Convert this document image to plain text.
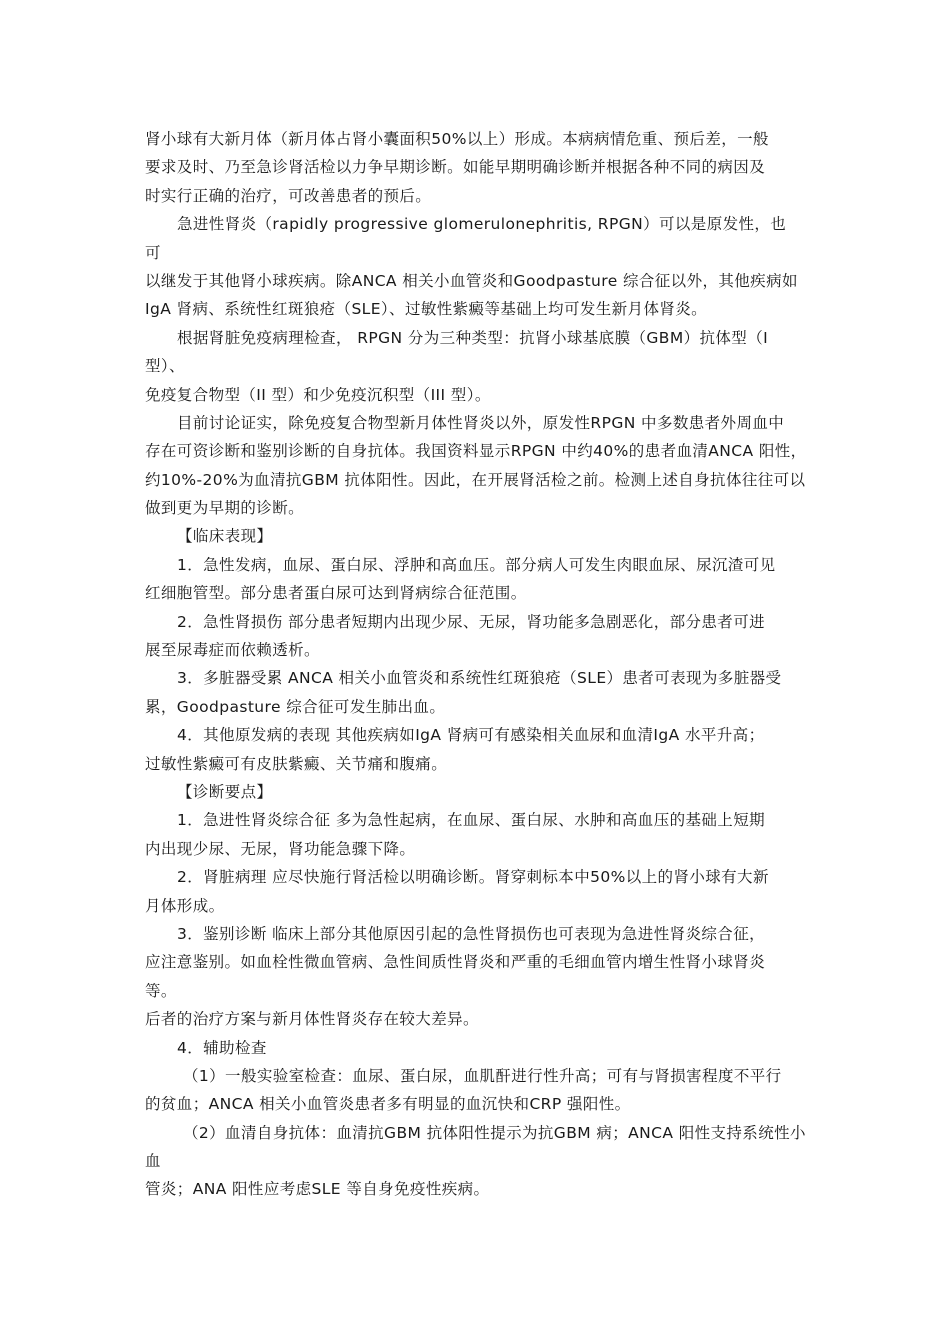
肾小球有大新月体（新月体占肾小囊面积50%以上）形成。本病病情危重、预后差，一般
要求及时、乃至急诊肾活检以力争早期诊断。如能早期明确诊断并根据各种不同的病因及
时实行正确的治疗，可改善患者的预后。
急进性肾炎（rapidly progressive glomerulonephritis, RPGN）可以是原发性，也
可
以继发于其他肾小球疾病。除ANCA 相关小血管炎和Goodpasture 综合征以外，其他疾病如
IgA 肾病、系统性红斑狼疮（SLE）、过敏性紫癜等基础上均可发生新月体肾炎。
根据肾脏免疫病理检查， RPGN 分为三种类型：抗肾小球基底膜（GBM）抗体型（I
型）、
免疫复合物型（II 型）和少免疫沉积型（III 型）。
目前讨论证实，除免疫复合物型新月体性肾炎以外，原发性RPGN 中多数患者外周血中
存在可资诊断和鉴别诊断的自身抗体。我国资料显示RPGN 中约40%的患者血清ANCA 阳性，
约10%-20%为血清抗GBM 抗体阳性。因此，在开展肾活检之前。检测上述自身抗体往往可以
做到更为早期的诊断。
【临床表现】
1．急性发病，血尿、蛋白尿、浮肿和高血压。部分病人可发生肉眼血尿、尿沉渣可见
红细胞管型。部分患者蛋白尿可达到肾病综合征范围。
2．急性肾损伤 部分患者短期内出现少尿、无尿，肾功能多急剧恶化，部分患者可进
展至尿毒症而依赖透析。
3．多脏器受累 ANCA 相关小血管炎和系统性红斑狼疮（SLE）患者可表现为多脏器受
累，Goodpasture 综合征可发生肺出血。
4．其他原发病的表现 其他疾病如IgA 肾病可有感染相关血尿和血清IgA 水平升高；
过敏性紫癜可有皮肤紫癜、关节痛和腹痛。
【诊断要点】
1．急进性肾炎综合征 多为急性起病，在血尿、蛋白尿、水肿和高血压的基础上短期
内出现少尿、无尿，肾功能急骤下降。
2．肾脏病理 应尽快施行肾活检以明确诊断。肾穿刺标本中50%以上的肾小球有大新
月体形成。
3．鉴别诊断 临床上部分其他原因引起的急性肾损伤也可表现为急进性肾炎综合征，
应注意鉴别。如血栓性微血管病、急性间质性肾炎和严重的毛细血管内增生性肾小球肾炎
等。
后者的治疗方案与新月体性肾炎存在较大差异。
4．辅助检查
（1）一般实验室检查：血尿、蛋白尿，血肌酐进行性升高；可有与肾损害程度不平行
的贫血；ANCA 相关小血管炎患者多有明显的血沉快和CRP 强阳性。
（2）血清自身抗体：血清抗GBM 抗体阳性提示为抗GBM 病；ANCA 阳性支持系统性小
血
管炎；ANA 阳性应考虑SLE 等自身免疫性疾病。
